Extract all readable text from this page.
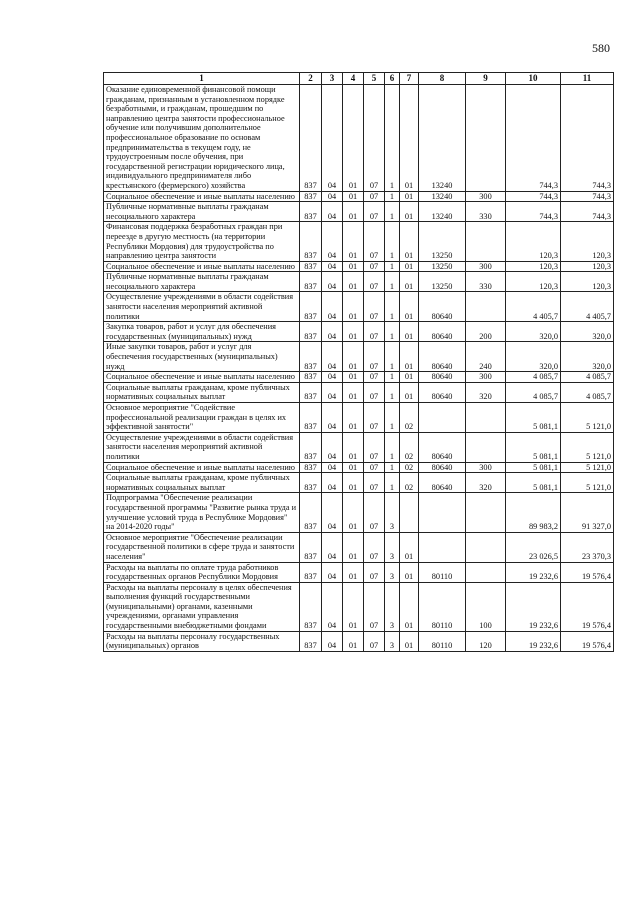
580
1	2	3	4	5	6	7	8	9	10	11
Оказание единовременной финансовой помощи гражданам, признанным в установленном порядке безработными, и гражданам, прошедшим по направлению центра занятости профессиональное обучение или получившим дополнительное профессиональное образование по основам предпринимательства в текущем году, не трудоустроенным после обучения, при государственной регистрации юридического лица, индивидуального предпринимателя либо крестьянского (фермерского) хозяйства	837	04	01	07	1	01	13240		744,3	744,3
Социальное обеспечение и иные выплаты населению	837	04	01	07	1	01	13240	300	744,3	744,3
Публичные нормативные выплаты гражданам несоциального характера	837	04	01	07	1	01	13240	330	744,3	744,3
Финансовая поддержка безработных граждан при переезде в другую местность (на территории Республики Мордовия) для трудоустройства по направлению центра занятости	837	04	01	07	1	01	13250		120,3	120,3
Социальное обеспечение и иные выплаты населению	837	04	01	07	1	01	13250	300	120,3	120,3
Публичные нормативные выплаты гражданам несоциального характера	837	04	01	07	1	01	13250	330	120,3	120,3
Осуществление учреждениями в области содействия занятости населения мероприятий активной политики	837	04	01	07	1	01	80640		4 405,7	4 405,7
Закупка товаров, работ и услуг для обеспечения государственных (муниципальных) нужд	837	04	01	07	1	01	80640	200	320,0	320,0
Иные закупки товаров, работ и услуг для обеспечения государственных (муниципальных) нужд	837	04	01	07	1	01	80640	240	320,0	320,0
Социальное обеспечение и иные выплаты населению	837	04	01	07	1	01	80640	300	4 085,7	4 085,7
Социальные выплаты гражданам, кроме публичных нормативных социальных выплат	837	04	01	07	1	01	80640	320	4 085,7	4 085,7
Основное мероприятие "Содействие профессиональной реализации граждан в целях их эффективной занятости"	837	04	01	07	1	02			5 081,1	5 121,0
Осуществление учреждениями в области содействия занятости населения мероприятий активной политики	837	04	01	07	1	02	80640		5 081,1	5 121,0
Социальное обеспечение и иные выплаты населению	837	04	01	07	1	02	80640	300	5 081,1	5 121,0
Социальные выплаты гражданам, кроме публичных нормативных социальных выплат	837	04	01	07	1	02	80640	320	5 081,1	5 121,0
Подпрограмма "Обеспечение реализации государственной программы "Развитие рынка труда и улучшение условий труда в Республике Мордовия" на 2014-2020 годы"	837	04	01	07	3				89 983,2	91 327,0
Основное мероприятие "Обеспечение реализации государственной политики в сфере труда и занятости населения"	837	04	01	07	3	01			23 026,5	23 370,3
Расходы на выплаты по оплате труда работников государственных органов Республики Мордовия	837	04	01	07	3	01	80110		19 232,6	19 576,4
Расходы на выплаты персоналу в целях обеспечения выполнения функций государственными (муниципальными) органами, казенными учреждениями, органами управления государственными внебюджетными фондами	837	04	01	07	3	01	80110	100	19 232,6	19 576,4
Расходы на выплаты персоналу государственных (муниципальных) органов	837	04	01	07	3	01	80110	120	19 232,6	19 576,4
